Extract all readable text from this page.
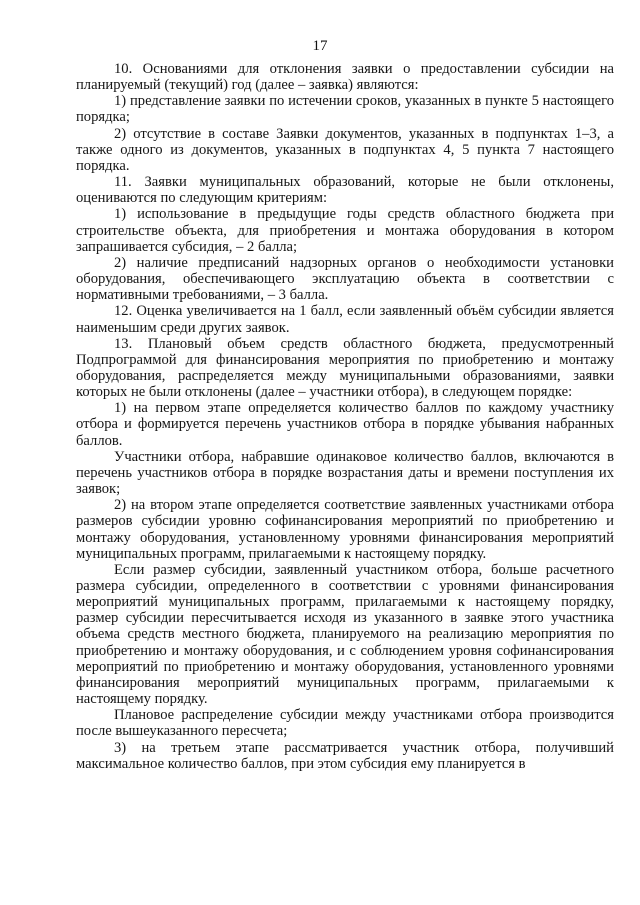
17

10. Основаниями для отклонения заявки о предоставлении субсидии на планируемый (текущий) год (далее – заявка) являются:

1) представление заявки по истечении сроков, указанных в пункте 5 настоящего порядка;

2) отсутствие в составе Заявки документов, указанных в подпунктах 1–3, а также одного из документов, указанных в подпунктах 4, 5 пункта 7 настоящего порядка.

11. Заявки муниципальных образований, которые не были отклонены, оцениваются по следующим критериям:

1) использование в предыдущие годы средств областного бюджета при строительстве объекта, для приобретения и монтажа оборудования в котором запрашивается субсидия, – 2 балла;

2) наличие предписаний надзорных органов о необходимости установки оборудования, обеспечивающего эксплуатацию объекта в соответствии с нормативными требованиями, – 3 балла.

12. Оценка увеличивается на 1 балл, если заявленный объём субсидии является наименьшим среди других заявок.

13. Плановый объем средств областного бюджета, предусмотренный Подпрограммой для финансирования мероприятия по приобретению и монтажу оборудования, распределяется между муниципальными образованиями, заявки которых не были отклонены (далее – участники отбора), в следующем порядке:

1) на первом этапе определяется количество баллов по каждому участнику отбора и формируется перечень участников отбора в порядке убывания набранных баллов.

Участники отбора, набравшие одинаковое количество баллов, включаются в перечень участников отбора в порядке возрастания даты и времени поступления их заявок;

2) на втором этапе определяется соответствие заявленных участниками отбора размеров субсидии уровню софинансирования мероприятий по приобретению и монтажу оборудования, установленному уровнями финансирования мероприятий муниципальных программ, прилагаемыми к настоящему порядку.

Если размер субсидии, заявленный участником отбора, больше расчетного размера субсидии, определенного в соответствии с уровнями финансирования мероприятий муниципальных программ, прилагаемыми к настоящему порядку, размер субсидии пересчитывается исходя из указанного в заявке этого участника объема средств местного бюджета, планируемого на реализацию мероприятия по приобретению и монтажу оборудования, и с соблюдением уровня софинансирования мероприятий по приобретению и монтажу оборудования, установленного уровнями финансирования мероприятий муниципальных программ, прилагаемыми к настоящему порядку.

Плановое распределение субсидии между участниками отбора производится после вышеуказанного пересчета;

3) на третьем этапе рассматривается участник отбора, получивший максимальное количество баллов, при этом субсидия ему планируется в
